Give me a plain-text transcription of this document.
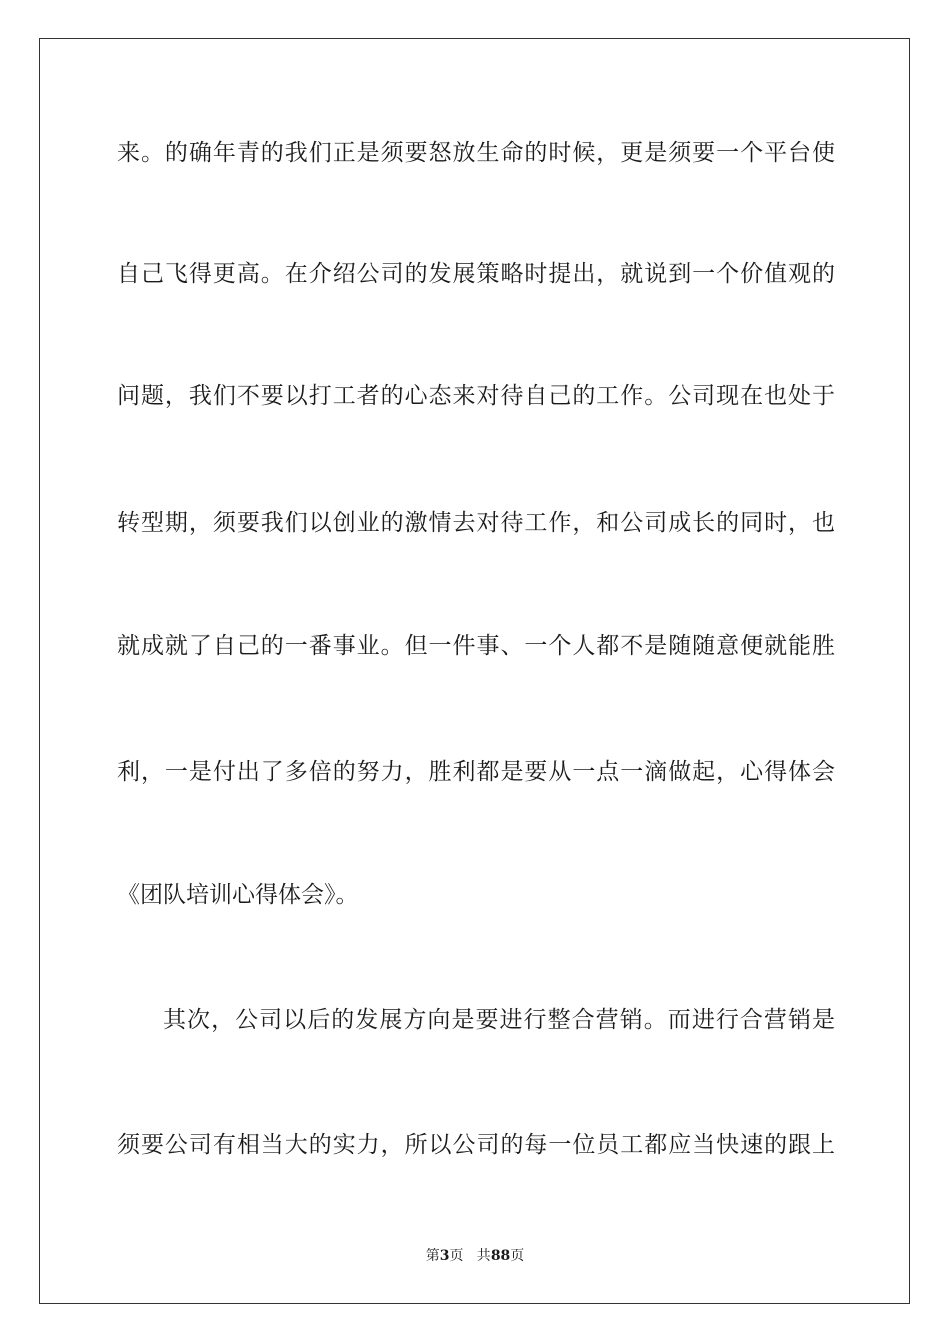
来。的确年青的我们正是须要怒放生命的时候，更是须要一个平台使
自己飞得更高。在介绍公司的发展策略时提出，就说到一个价值观的
问题，我们不要以打工者的心态来对待自己的工作。公司现在也处于
转型期，须要我们以创业的激情去对待工作，和公司成长的同时，也
就成就了自己的一番事业。但一件事、一个人都不是随随意便就能胜
利，一是付出了多倍的努力，胜利都是要从一点一滴做起，心得体会
《团队培训心得体会》。
其次，公司以后的发展方向是要进行整合营销。而进行合营销是
须要公司有相当大的实力，所以公司的每一位员工都应当快速的跟上
第3页   共88页
